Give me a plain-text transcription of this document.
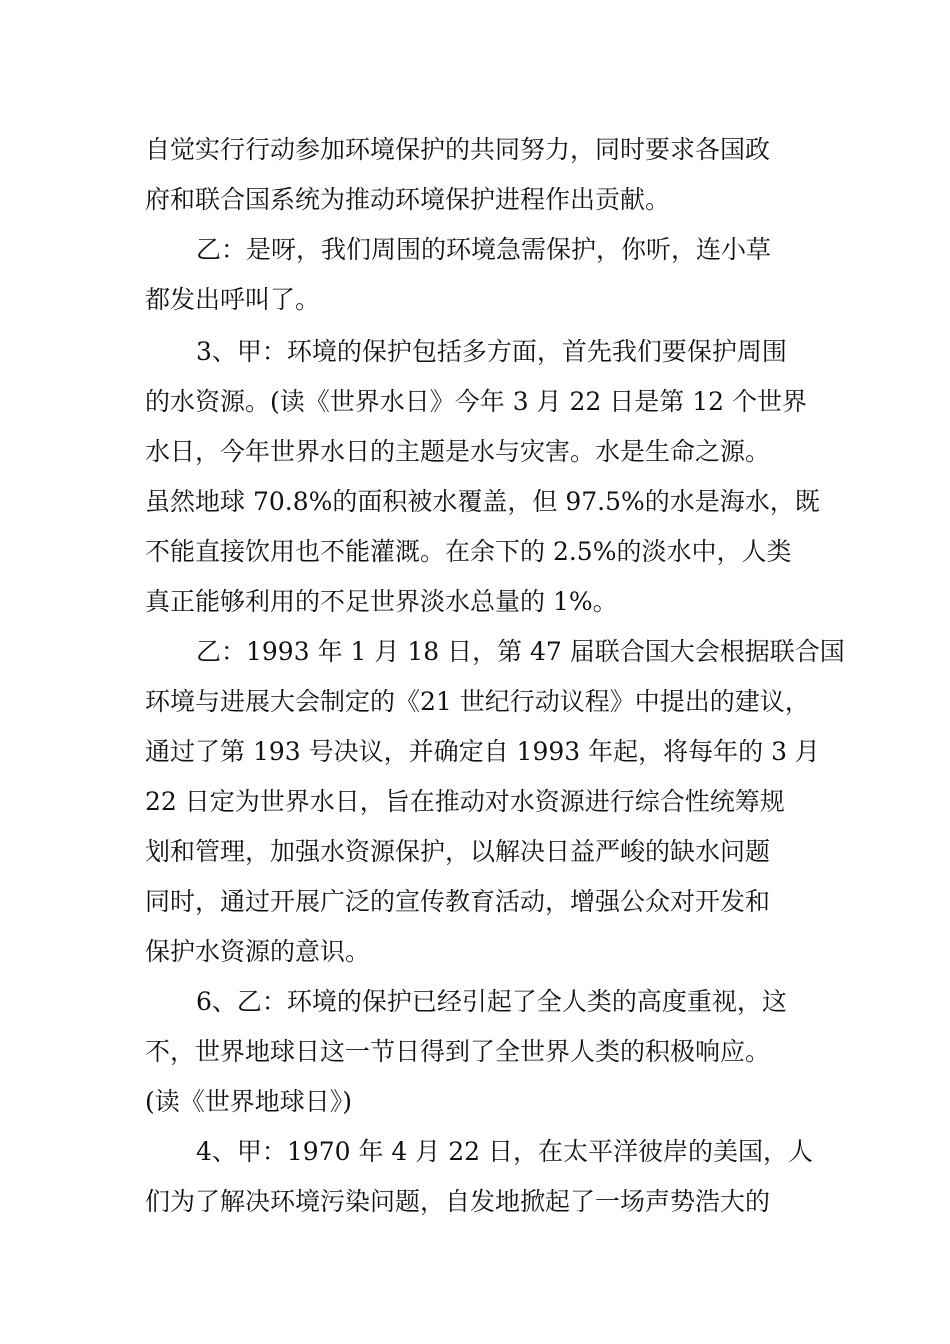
自觉实行行动参加环境保护的共同努力，同时要求各国政

府和联合国系统为推动环境保护进程作出贡献。

乙：是呀，我们周围的环境急需保护，你听，连小草

都发出呼叫了。

3、甲：环境的保护包括多方面，首先我们要保护周围

的水资源。(读《世界水日》今年 3 月 22 日是第 12 个世界

水日，今年世界水日的主题是水与灾害。水是生命之源。

虽然地球 70.8%的面积被水覆盖，但 97.5%的水是海水，既

不能直接饮用也不能灌溉。在余下的 2.5%的淡水中，人类

真正能够利用的不足世界淡水总量的 1%。

乙：1993 年 1 月 18 日，第 47 届联合国大会根据联合国

环境与进展大会制定的《21 世纪行动议程》中提出的建议，

通过了第 193 号决议，并确定自 1993 年起，将每年的 3 月

22 日定为世界水日，旨在推动对水资源进行综合性统筹规

划和管理，加强水资源保护，以解决日益严峻的缺水问题

同时，通过开展广泛的宣传教育活动，增强公众对开发和

保护水资源的意识。

6、乙：环境的保护已经引起了全人类的高度重视，这

不，世界地球日这一节日得到了全世界人类的积极响应。

(读《世界地球日》)

4、甲：1970 年 4 月 22 日，在太平洋彼岸的美国，人

们为了解决环境污染问题，自发地掀起了一场声势浩大的
